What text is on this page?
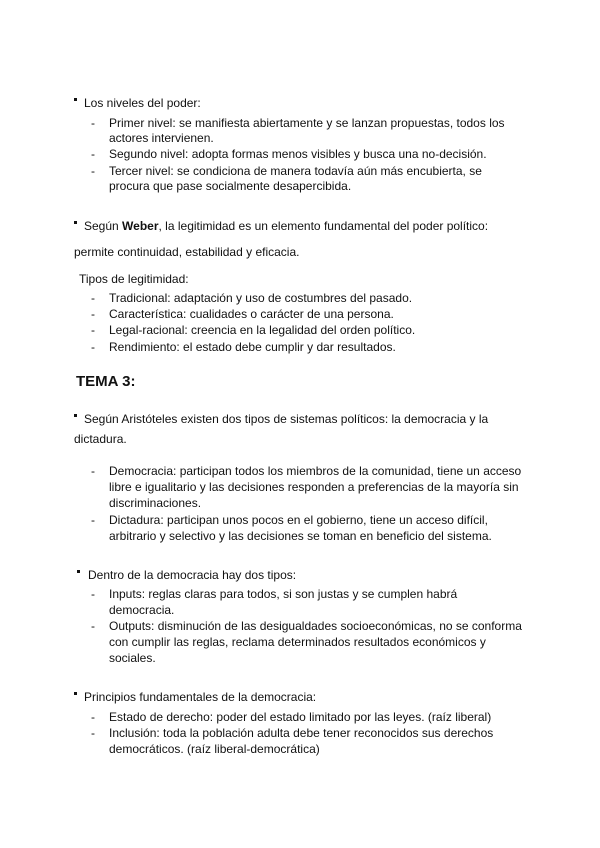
Los niveles del poder:
- Primer nivel: se manifiesta abiertamente y se lanzan propuestas, todos los
actores intervienen.
- Segundo nivel: adopta formas menos visibles y busca una no-decisión.
- Tercer nivel: se condiciona de manera todavía aún más encubierta, se
procura que pase socialmente desapercibida.
Según Weber, la legitimidad es un elemento fundamental del poder político:
permite continuidad, estabilidad y eficacia.
Tipos de legitimidad:
- Tradicional: adaptación y uso de costumbres del pasado.
- Característica: cualidades o carácter de una persona.
- Legal-racional: creencia en la legalidad del orden político.
- Rendimiento: el estado debe cumplir y dar resultados.
TEMA 3:
Según Aristóteles existen dos tipos de sistemas políticos: la democracia y la
dictadura.
- Democracia: participan todos los miembros de la comunidad, tiene un acceso
libre e igualitario y las decisiones responden a preferencias de la mayoría sin
discriminaciones.
- Dictadura: participan unos pocos en el gobierno, tiene un acceso difícil,
arbitrario y selectivo y las decisiones se toman en beneficio del sistema.
Dentro de la democracia hay dos tipos:
- Inputs: reglas claras para todos, si son justas y se cumplen habrá
democracia.
- Outputs: disminución de las desigualdades socioeconómicas, no se conforma
con cumplir las reglas, reclama determinados resultados económicos y
sociales.
Principios fundamentales de la democracia:
- Estado de derecho: poder del estado limitado por las leyes. (raíz liberal)
- Inclusión: toda la población adulta debe tener reconocidos sus derechos
democráticos. (raíz liberal-democrática)
